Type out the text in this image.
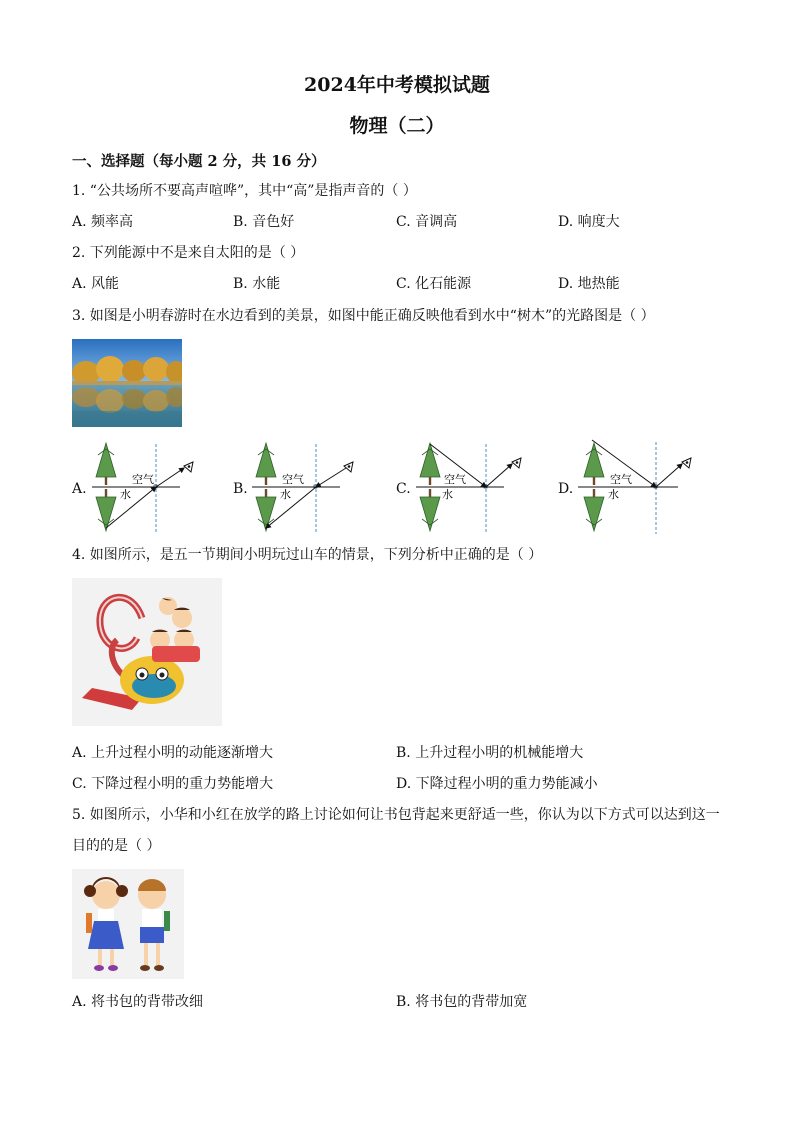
2024年中考模拟试题
物理（二）
一、选择题（每小题 2 分，共 16 分）
1. “公共场所不要高声喧哗”，其中“高”是指声音的（ ）
A. 频率高	B. 音色好	C. 音调高	D. 响度大
2. 下列能源中不是来自太阳的是（ ）
A. 风能	B. 水能	C. 化石能源	D. 地热能
3. 如图是小明春游时在水边看到的美景，如图中能正确反映他看到水中“树木”的光路图是（ ）
A.
空气
水	B.
空气
水	C.
空气
水	D.
空气
水
4. 如图所示，是五一节期间小明玩过山车的情景，下列分析中正确的是（ ）
A. 上升过程小明的动能逐渐增大	B. 上升过程小明的机械能增大
C. 下降过程小明的重力势能增大	D. 下降过程小明的重力势能减小
5. 如图所示，小华和小红在放学的路上讨论如何让书包背起来更舒适一些，你认为以下方式可以达到这一
目的的是（ ）
A. 将书包的背带改细	B. 将书包的背带加宽
